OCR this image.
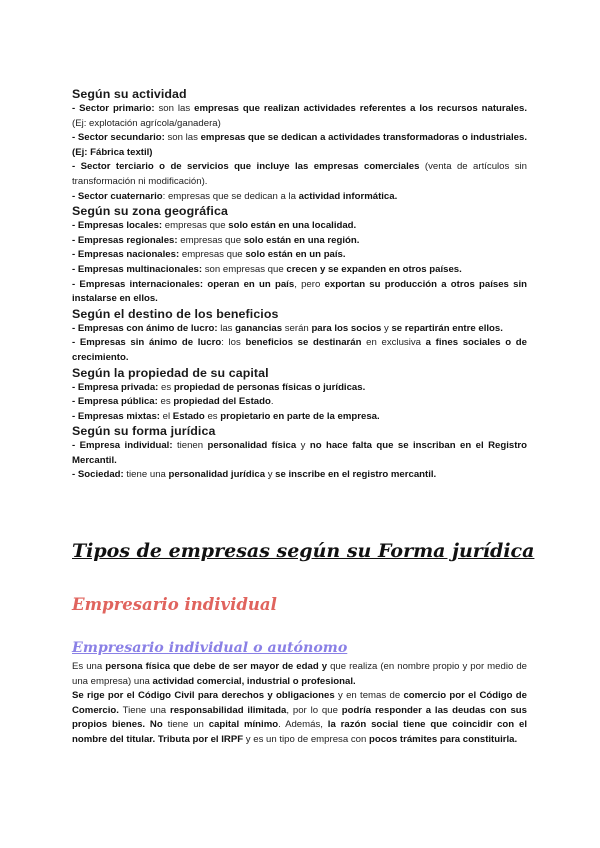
Según su actividad

- Sector primario: son las empresas que realizan actividades referentes a los recursos naturales. (Ej: explotación agrícola/ganadera)

- Sector secundario: son las empresas que se dedican a actividades transformadoras o industriales. (Ej: Fábrica textil)

- Sector terciario o de servicios que incluye las empresas comerciales (venta de artículos sin transformación ni modificación).

- Sector cuaternario: empresas que se dedican a la actividad informática.

Según su zona geográfica

- Empresas locales: empresas que solo están en una localidad.

- Empresas regionales: empresas que solo están en una región.

- Empresas nacionales: empresas que solo están en un país.

- Empresas multinacionales: son empresas que crecen y se expanden en otros países.

- Empresas internacionales: operan en un país, pero exportan su producción a otros países sin instalarse en ellos.

Según el destino de los beneficios

- Empresas con ánimo de lucro: las ganancias serán para los socios y se repartirán entre ellos.

- Empresas sin ánimo de lucro: los beneficios se destinarán en exclusiva a fines sociales o de crecimiento.

Según la propiedad de su capital

- Empresa privada: es propiedad de personas físicas o jurídicas.

- Empresa pública: es propiedad del Estado.

- Empresas mixtas: el Estado es propietario en parte de la empresa.

Según su forma jurídica

- Empresa individual: tienen personalidad física y no hace falta que se inscriban en el Registro Mercantil.

- Sociedad: tiene una personalidad jurídica y se inscribe en el registro mercantil.

Tipos de empresas según su Forma jurídica
Empresario individual
Empresario individual o autónomo

Es una persona física que debe de ser mayor de edad y que realiza (en nombre propio y por medio de una empresa) una actividad comercial, industrial o profesional.

Se rige por el Código Civil para derechos y obligaciones y en temas de comercio por el Código de Comercio. Tiene una responsabilidad ilimitada, por lo que podría responder a las deudas con sus propios bienes. No tiene un capital mínimo. Además, la razón social tiene que coincidir con el nombre del titular. Tributa por el IRPF y es un tipo de empresa con pocos trámites para constituirla.
